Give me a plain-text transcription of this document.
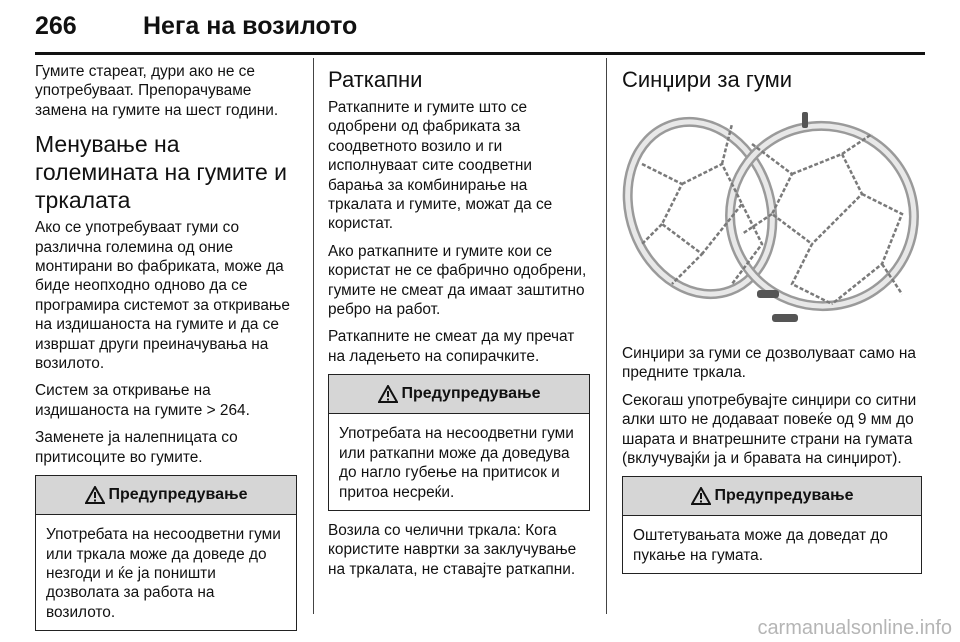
266	Нега на возилото

Гумите стареат, дури ако не се употребуваат. Препорачуваме замена на гумите на шест години.

Менување на големината на гумите и тркалата

Ако се употребуваат гуми со различна големина од оние монтирани во фабриката, може да биде неопходно одново да се програмира системот за откривање на издишаноста на гумите и да се извршат други преиначувања на возилото.

Систем за откривање на издишаноста на гумите ⁠> 264.

Заменете ја налепницата со притисоците во гумите.

Предупредување
Употребата на несоодветни гуми или тркала може да доведе до незгоди и ќе ја поништи дозволата за работа на возилото.
Раткапни

Раткапните и гумите што се одобрени од фабриката за соодветното возило и ги исполнуваат сите соодветни барања за комбинирање на тркалата и гумите, можат да се користат.

Ако раткапните и гумите кои се користат не се фабрично одобрени, гумите не смеат да имаат заштитно ребро на работ.

Раткапните не смеат да му пречат на ладењето на сопирачките.

Предупредување
Употребата на несоодветни гуми или раткапни може да доведува до нагло губење на притисок и притоа несреќи.

Возила со челични тркала: Кога користите навртки за заклучување на тркалата, не ставајте раткапни.

Синџири за гуми

Синџири за гуми се дозволуваат само на предните тркала.

Секогаш употребувајте синџири со ситни алки што не додаваат повеќе од 9 мм до шарата и внатрешните страни на гумата (вклучувајќи ја и бравата на синџирот).

Предупредување
Оштетувањата може да доведат до пукање на гумата.
carmanualsonline.info
